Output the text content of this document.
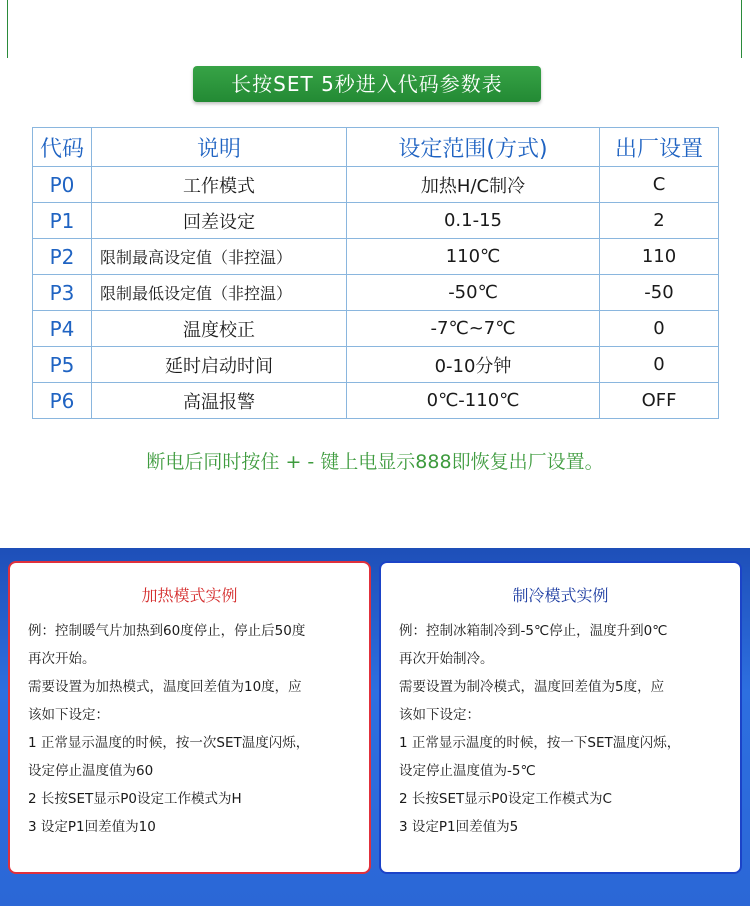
长按SET 5秒进入代码参数表
代码	说明	设定范围(方式)	出厂设置
P0	工作模式	加热H/C制冷	C
P1	回差设定	0.1-15	2
P2	限制最高设定值（非控温）	110℃	110
P3	限制最低设定值（非控温）	-50℃	-50
P4	温度校正	-7℃~7℃	0
P5	延时启动时间	0-10分钟	0
P6	高温报警	0℃-110℃	OFF
断电后同时按住 + - 键上电显示888即恢复出厂设置。
加热模式实例

例：控制暖气片加热到60度停止，停止后50度

再次开始。

需要设置为加热模式，温度回差值为10度，应

该如下设定：

1 正常显示温度的时候，按一次SET温度闪烁，

设定停止温度值为60

2 长按SET显示P0设定工作模式为H

3 设定P1回差值为10

制冷模式实例

例：控制冰箱制冷到-5℃停止，温度升到0℃

再次开始制冷。

需要设置为制冷模式，温度回差值为5度，应

该如下设定：

1 正常显示温度的时候，按一下SET温度闪烁，

设定停止温度值为-5℃

2 长按SET显示P0设定工作模式为C

3 设定P1回差值为5
